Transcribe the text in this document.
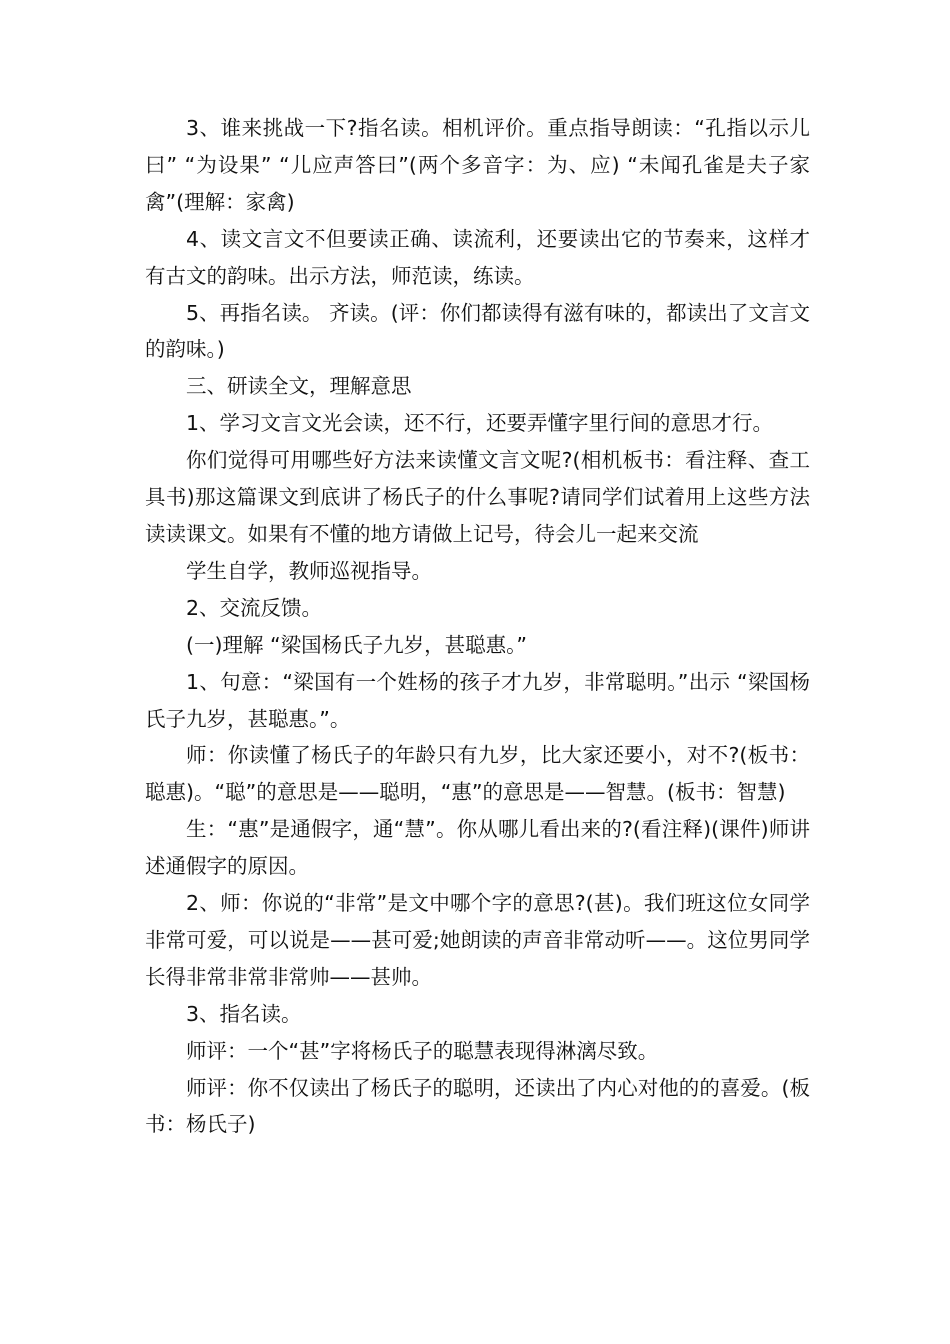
3、谁来挑战一下?指名读。相机评价。重点指导朗读：“孔指以示儿曰” “为设果” “儿应声答曰”(两个多音字：为、应) “未闻孔雀是夫子家禽”(理解：家禽)

4、读文言文不但要读正确、读流利，还要读出它的节奏来，这样才有古文的韵味。出示方法，师范读，练读。

5、再指名读。 齐读。(评：你们都读得有滋有味的，都读出了文言文的韵味。)

三、研读全文，理解意思

1、学习文言文光会读，还不行，还要弄懂字里行间的意思才行。

你们觉得可用哪些好方法来读懂文言文呢?(相机板书：看注释、查工具书)那这篇课文到底讲了杨氏子的什么事呢?请同学们试着用上这些方法读读课文。如果有不懂的地方请做上记号，待会儿一起来交流

学生自学，教师巡视指导。

2、交流反馈。

(一)理解 “梁国杨氏子九岁，甚聪惠。”

1、句意：“梁国有一个姓杨的孩子才九岁，非常聪明。”出示 “梁国杨氏子九岁，甚聪惠。”。

师：你读懂了杨氏子的年龄只有九岁，比大家还要小，对不?(板书：聪惠)。“聪”的意思是——聪明，“惠”的意思是——智慧。(板书：智慧)

生：“惠”是通假字，通“慧”。你从哪儿看出来的?(看注释)(课件)师讲述通假字的原因。

2、师：你说的“非常”是文中哪个字的意思?(甚)。我们班这位女同学非常可爱，可以说是——甚可爱;她朗读的声音非常动听——。这位男同学长得非常非常非常帅——甚帅。

3、指名读。

师评：一个“甚”字将杨氏子的聪慧表现得淋漓尽致。

师评：你不仅读出了杨氏子的聪明，还读出了内心对他的的喜爱。(板书：杨氏子)
